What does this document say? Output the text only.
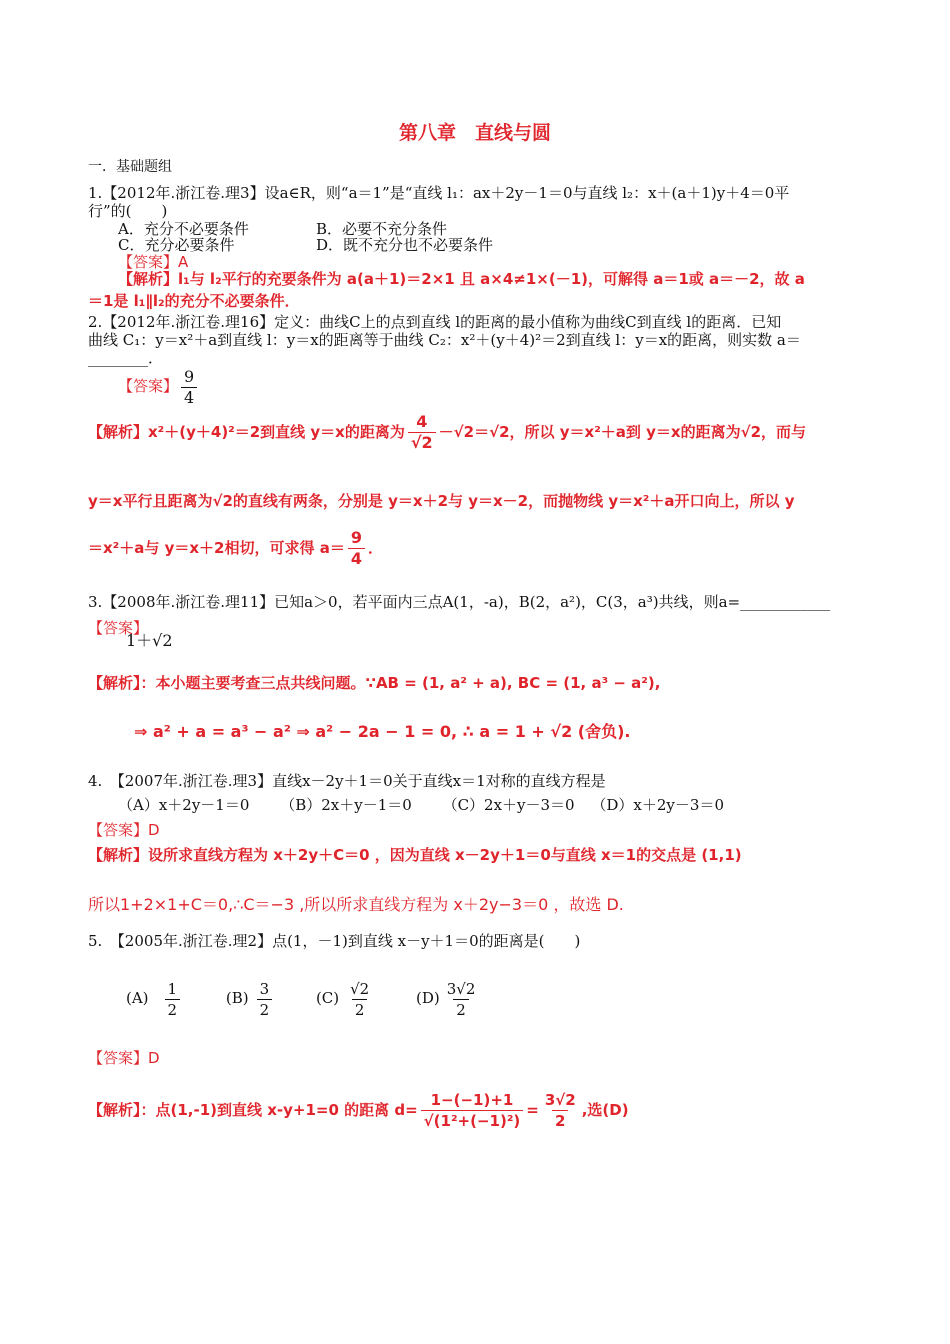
第八章　直线与圆
一．基础题组
1.【2012年.浙江卷.理3】设a∈R，则“a＝1”是“直线 l₁：ax＋2y－1＝0与直线 l₂：x＋(a＋1)y＋4＝0平
行”的(　　)
A．充分不必要条件	B．必要不充分条件
C．充分必要条件	D．既不充分也不必要条件
【答案】A
【解析】l₁与 l₂平行的充要条件为 a(a＋1)＝2×1 且 a×4≠1×(－1)，可解得 a＝1或 a＝－2，故 a
＝1是 l₁∥l₂的充分不必要条件．
2.【2012年.浙江卷.理16】定义：曲线C上的点到直线 l的距离的最小值称为曲线C到直线 l的距离．已知
曲线 C₁：y＝x²＋a到直线 l：y＝x的距离等于曲线 C₂：x²＋(y＋4)²＝2到直线 l：y＝x的距离，则实数 a＝
________．
【答案】 $\frac{9}{4}$
【解析】x²＋(y＋4)²＝2到直线 y＝x的距离为 $\frac{4}{√2} -√2=√2$，所以 y＝x²＋a到 y＝x的距离为√2，而与
y＝x平行且距离为√2的直线有两条，分别是 y＝x＋2与 y＝x－2，而抛物线 y＝x²＋a开口向上，所以 y
＝x²＋a与 y＝x＋2相切，可求得 $a= \frac{9}{4}$ ．
3.【2008年.浙江卷.理11】已知a＞0，若平面内三点A(1，-a)，B(2，a²)，C(3，a³)共线，则a=____________
【答案】
1＋√2
【解析】：本小题主要考查三点共线问题。∵AB = (1, a² + a), BC = (1, a³ − a²),
⇒ a² + a = a³ − a² ⇒ a² − 2a − 1 = 0, ∴ a = 1 + √2 (舍负).
4.　【2007年.浙江卷.理3】直线x－2y＋1＝0关于直线x＝1对称的直线方程是
（A）x＋2y－1＝0 （B）2x＋y－1＝0 （C）2x＋y－3＝0 （D）x＋2y－3＝0
【答案】D
【解析】设所求直线方程为 x＋2y＋C＝0 ，因为直线 x－2y＋1＝0与直线 x＝1的交点是 (1,1)
所以1+2×1+C＝0,∴C＝−3 ,所以所求直线方程为 x＋2y−3＝0 ，故选 D.
5.　【2005年.浙江卷.理2】点(1，－1)到直线 x－y＋1＝0的距离是(　　)
$(A) \frac{1}{2}$	$(B) \frac{3}{2}$	$(C) \frac{√2}{2}$	$(D) \frac{3√2}{2}$
【答案】D
【解析】：点(1,-1)到直线 x-y+1=0 的距离 $d= \frac{1-(-1)+1}{\text{√(1²+(−1)²)}} = \frac{3√2}{2}$ ,选(D)
